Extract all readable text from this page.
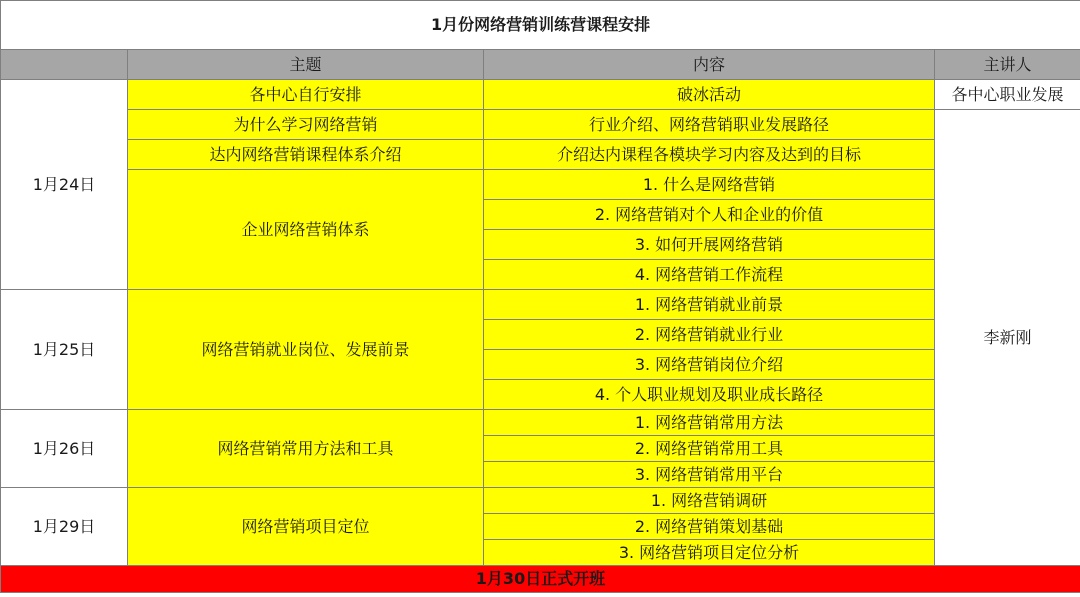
1月份网络营销训练营课程安排			
	主题	内容	主讲人
1月24日	各中心自行安排	破冰活动	各中心职业发展
	为什么学习网络营销	行业介绍、网络营销职业发展路径	李新刚
	达内网络营销课程体系介绍	介绍达内课程各模块学习内容及达到的目标	
	企业网络营销体系	1. 什么是网络营销	
		2. 网络营销对个人和企业的价值	
		3. 如何开展网络营销	
		4. 网络营销工作流程	
1月25日	网络营销就业岗位、发展前景	1. 网络营销就业前景	
		2. 网络营销就业行业	
		3. 网络营销岗位介绍	
		4. 个人职业规划及职业成长路径	
1月26日	网络营销常用方法和工具	1. 网络营销常用方法	
		2. 网络营销常用工具	
		3. 网络营销常用平台	
1月29日	网络营销项目定位	1. 网络营销调研	
		2. 网络营销策划基础	
		3. 网络营销项目定位分析	
1月30日正式开班			
